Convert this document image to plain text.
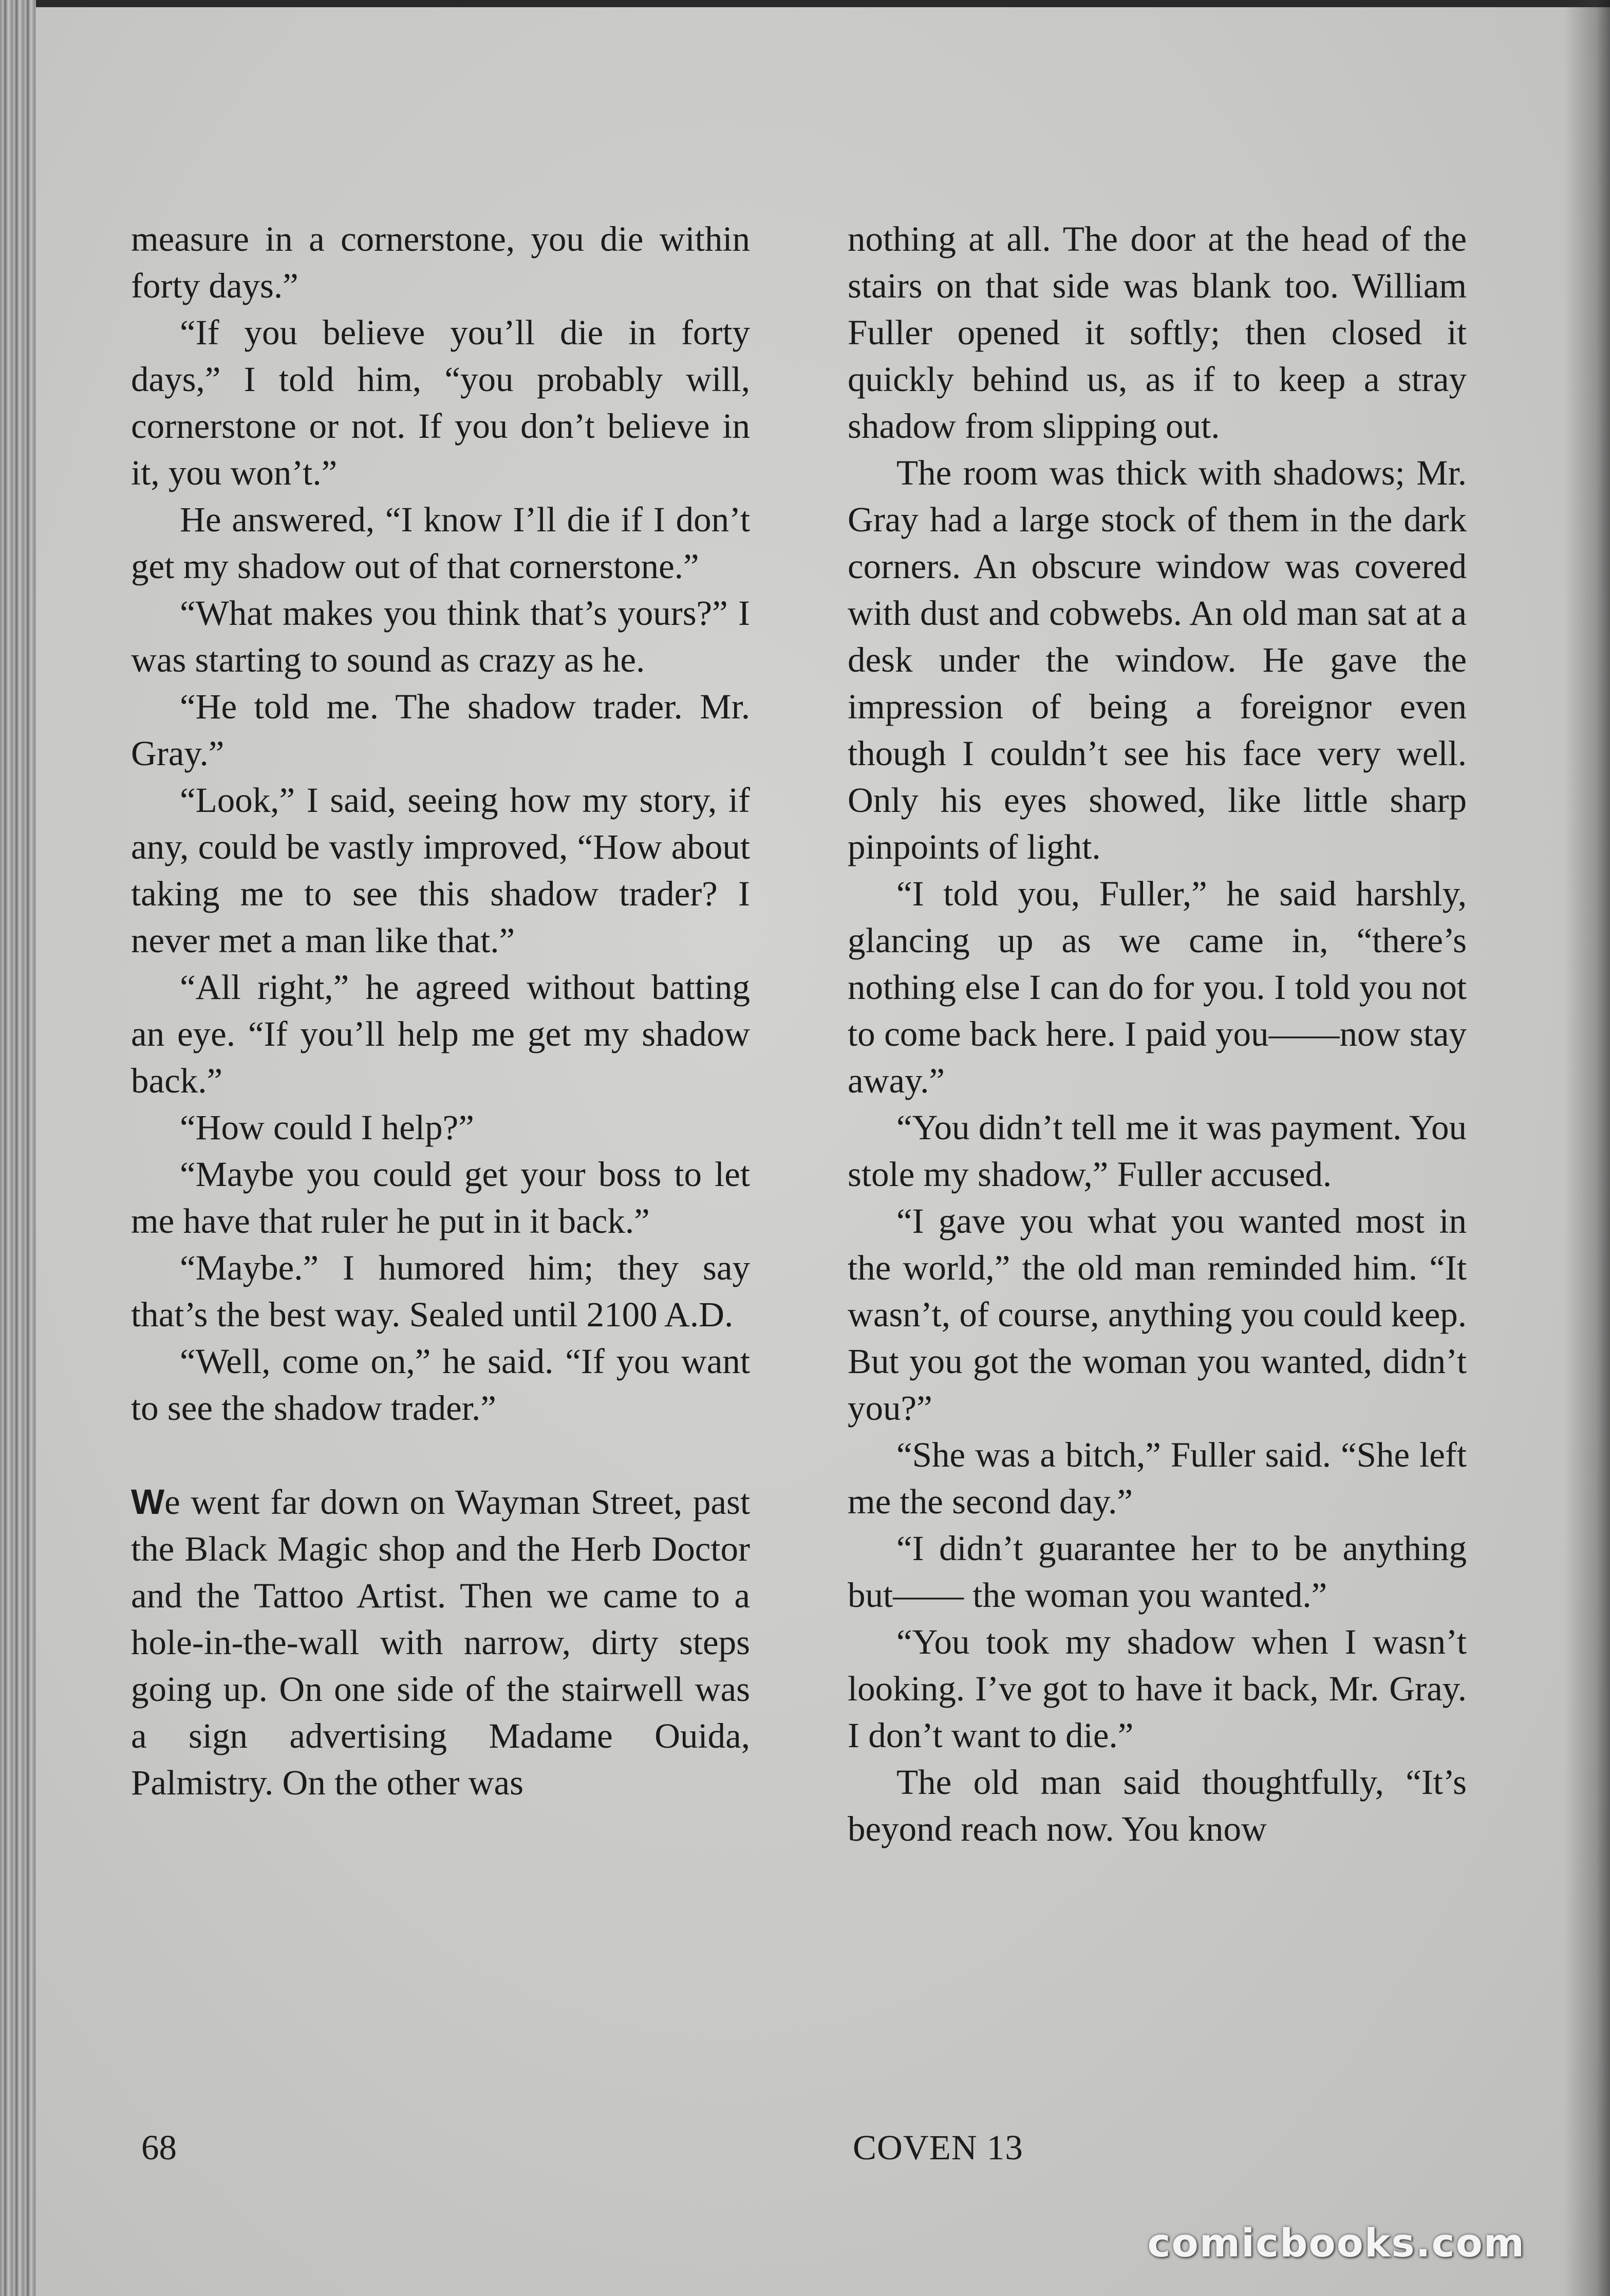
measure in a cornerstone, you die within forty days.”

“If you believe you’ll die in forty days,” I told him, “you probably will, cornerstone or not. If you don’t believe in it, you won’t.”

He answered, “I know I’ll die if I don’t get my shadow out of that cornerstone.”

“What makes you think that’s yours?” I was starting to sound as crazy as he.

“He told me. The shadow trader. Mr. Gray.”

“Look,” I said, seeing how my story, if any, could be vastly improved, “How about taking me to see this shadow trader? I never met a man like that.”

“All right,” he agreed without batting an eye. “If you’ll help me get my shadow back.”

“How could I help?”

“Maybe you could get your boss to let me have that ruler he put in it back.”

“Maybe.” I humored him; they say that’s the best way. Sealed until 2100 A.D.

“Well, come on,” he said. “If you want to see the shadow trader.”

We went far down on Wayman Street, past the Black Magic shop and the Herb Doctor and the Tattoo Artist. Then we came to a hole-in-the-wall with narrow, dirty steps going up. On one side of the stairwell was a sign advertising Madame Ouida, Palmistry. On the other was

nothing at all. The door at the head of the stairs on that side was blank too. William Fuller opened it softly; then closed it quickly behind us, as if to keep a stray shadow from slipping out.

The room was thick with shadows; Mr. Gray had a large stock of them in the dark corners. An obscure window was covered with dust and cobwebs. An old man sat at a desk under the window. He gave the impression of being a foreignor even though I couldn’t see his face very well. Only his eyes showed, like little sharp pinpoints of light.

“I told you, Fuller,” he said harshly, glancing up as we came in, “there’s nothing else I can do for you. I told you not to come back here. I paid you——now stay away.”

“You didn’t tell me it was payment. You stole my shadow,” Fuller accused.

“I gave you what you wanted most in the world,” the old man reminded him. “It wasn’t, of course, anything you could keep. But you got the woman you wanted, didn’t you?”

“She was a bitch,” Fuller said. “She left me the second day.”

“I didn’t guarantee her to be anything but—— the woman you wanted.”

“You took my shadow when I wasn’t looking. I’ve got to have it back, Mr. Gray. I don’t want to die.”

The old man said thoughtfully, “It’s beyond reach now. You know

68	COVEN 13
comicbooks.com
